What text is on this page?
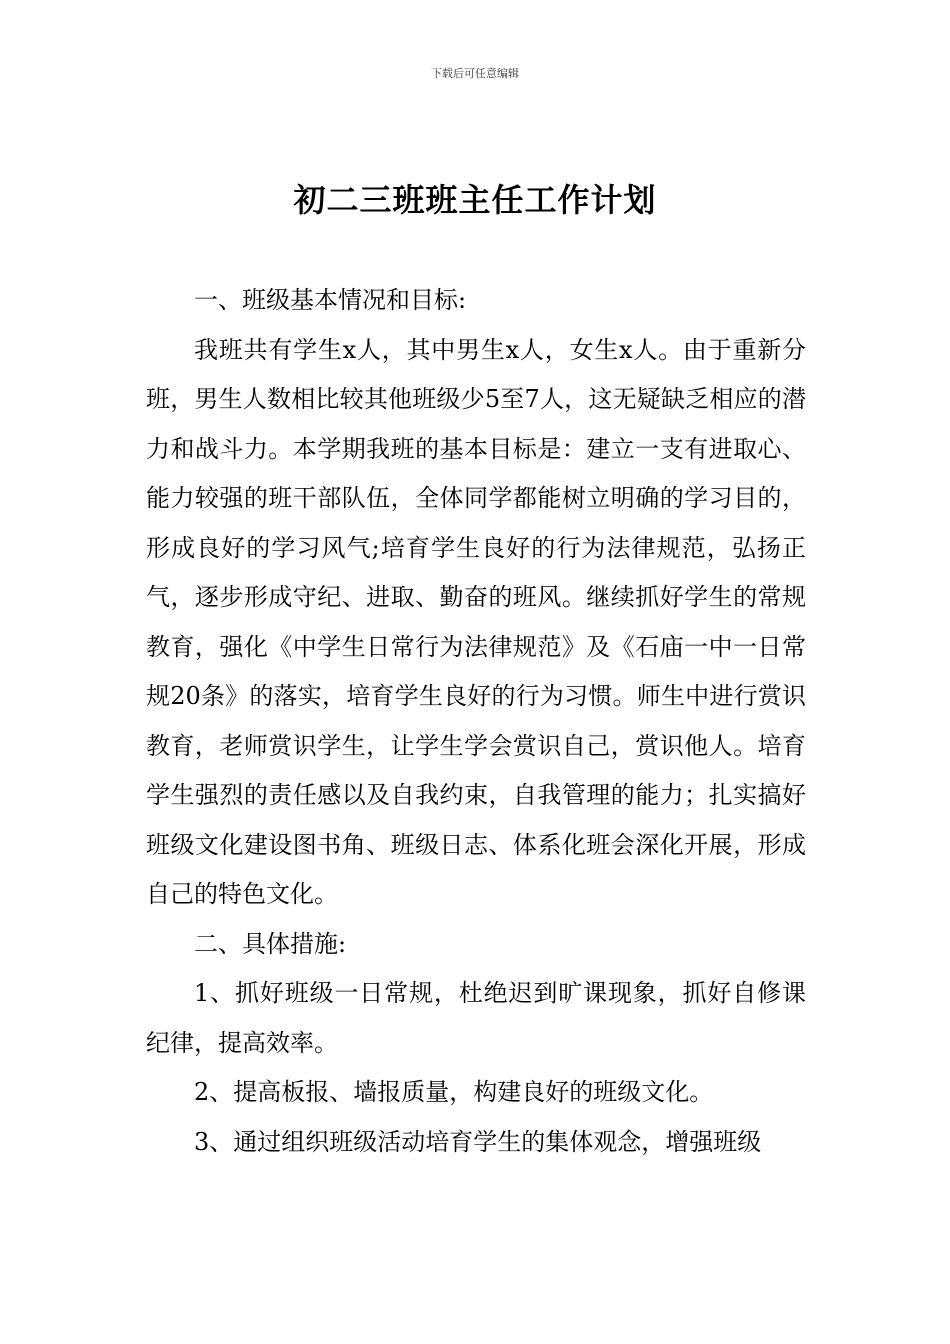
下载后可任意编辑
初二三班班主任工作计划

一、班级基本情况和目标:

我班共有学生x人，其中男生x人，女生x人。由于重新分班，男生人数相比较其他班级少5至7人，这无疑缺乏相应的潜力和战斗力。本学期我班的基本目标是：建立一支有进取心、能力较强的班干部队伍，全体同学都能树立明确的学习目的，形成良好的学习风气;培育学生良好的行为法律规范，弘扬正气，逐步形成守纪、进取、勤奋的班风。继续抓好学生的常规教育，强化《中学生日常行为法律规范》及《石庙一中一日常规20条》的落实，培育学生良好的行为习惯。师生中进行赏识教育，老师赏识学生，让学生学会赏识自己，赏识他人。培育学生强烈的责任感以及自我约束，自我管理的能力；扎实搞好班级文化建设图书角、班级日志、体系化班会深化开展，形成自己的特色文化。

二、具体措施:

1、抓好班级一日常规，杜绝迟到旷课现象，抓好自修课纪律，提高效率。

2、提高板报、墙报质量，构建良好的班级文化。

3、通过组织班级活动培育学生的集体观念，增强班级
